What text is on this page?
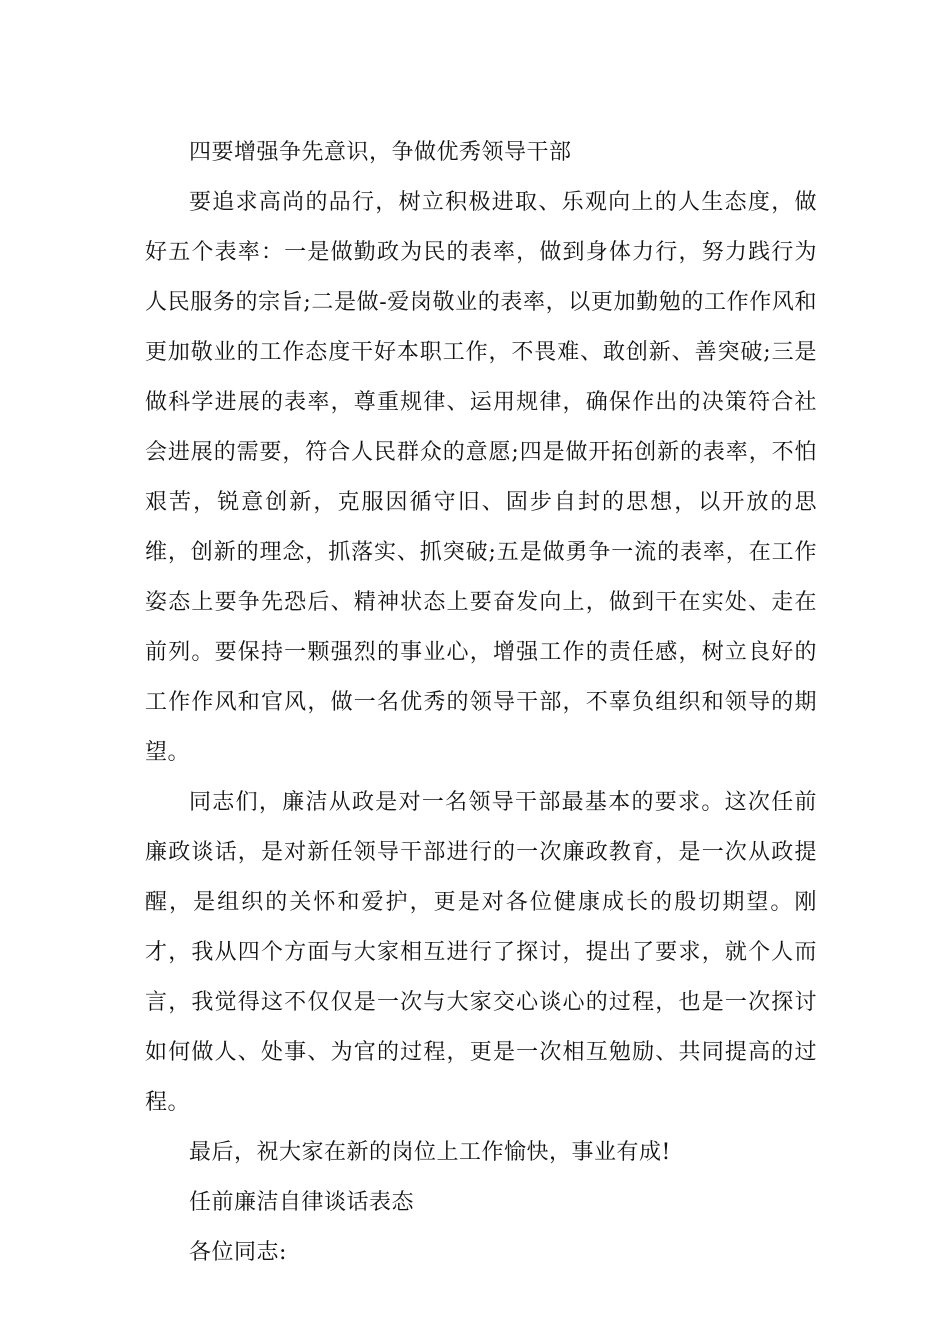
四要增强争先意识，争做优秀领导干部

要追求高尚的品行，树立积极进取、乐观向上的人生态度，做好五个表率：一是做勤政为民的表率，做到身体力行，努力践行为人民服务的宗旨;二是做-爱岗敬业的表率，以更加勤勉的工作作风和更加敬业的工作态度干好本职工作，不畏难、敢创新、善突破;三是做科学进展的表率，尊重规律、运用规律，确保作出的决策符合社会进展的需要，符合人民群众的意愿;四是做开拓创新的表率，不怕艰苦，锐意创新，克服因循守旧、固步自封的思想，以开放的思维，创新的理念，抓落实、抓突破;五是做勇争一流的表率，在工作姿态上要争先恐后、精神状态上要奋发向上，做到干在实处、走在前列。要保持一颗强烈的事业心，增强工作的责任感，树立良好的工作作风和官风，做一名优秀的领导干部，不辜负组织和领导的期望。

同志们，廉洁从政是对一名领导干部最基本的要求。这次任前廉政谈话，是对新任领导干部进行的一次廉政教育，是一次从政提醒，是组织的关怀和爱护，更是对各位健康成长的殷切期望。刚才，我从四个方面与大家相互进行了探讨，提出了要求，就个人而言，我觉得这不仅仅是一次与大家交心谈心的过程，也是一次探讨如何做人、处事、为官的过程，更是一次相互勉励、共同提高的过程。

最后，祝大家在新的岗位上工作愉快，事业有成!

任前廉洁自律谈话表态

各位同志:
